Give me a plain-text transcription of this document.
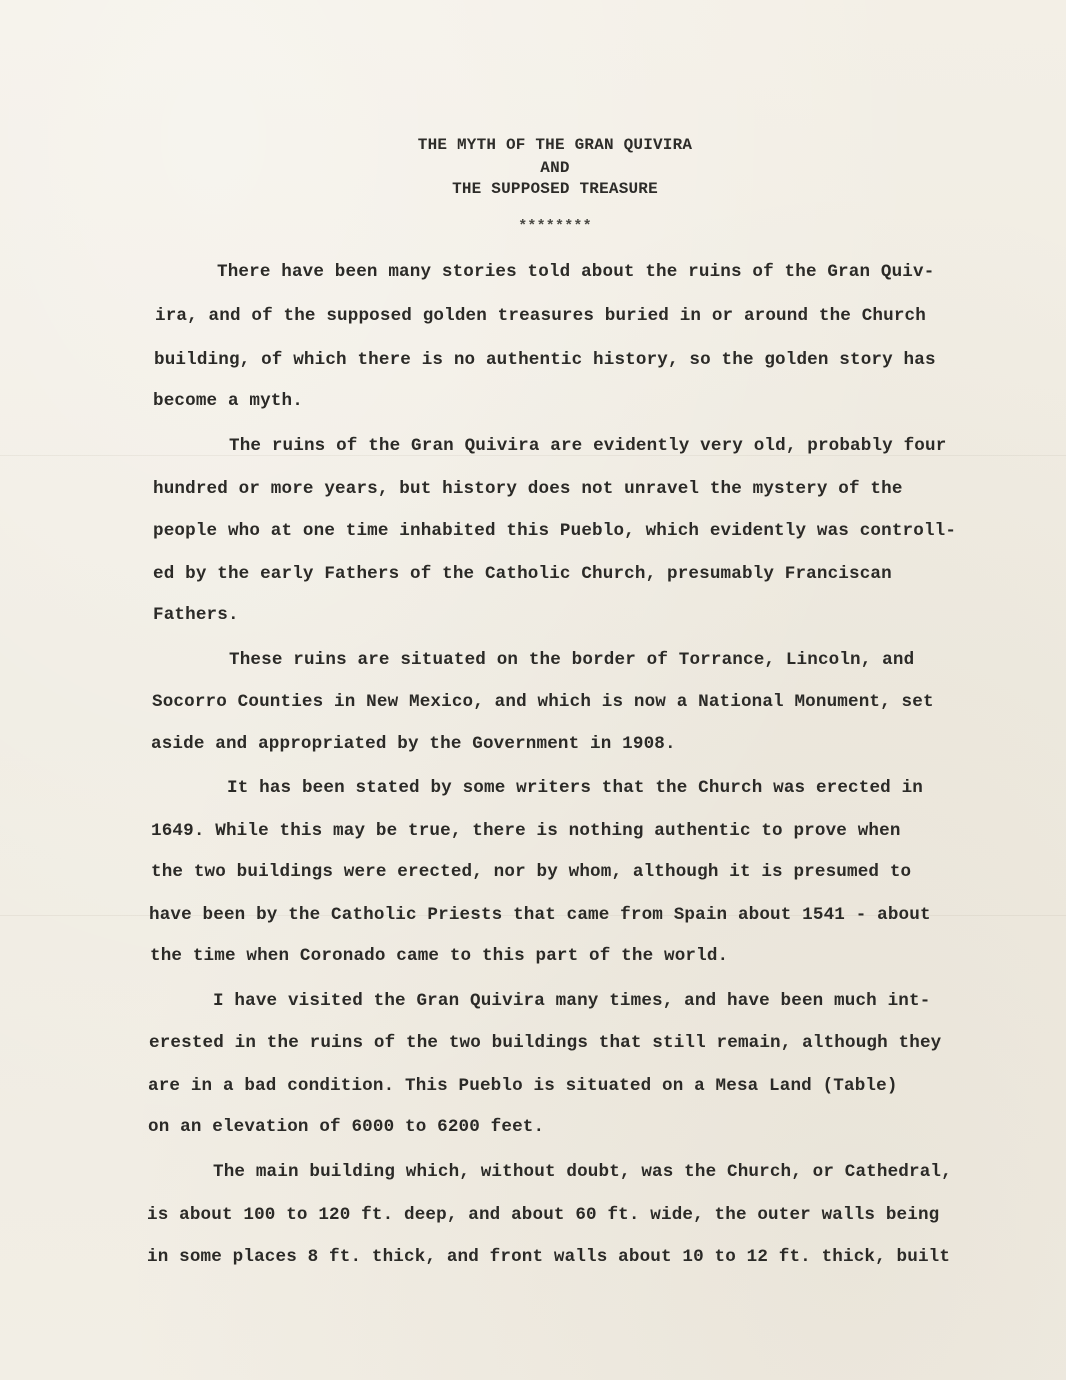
THE MYTH OF THE GRAN QUIVIRA
AND
THE SUPPOSED TREASURE
********
There have been many stories told about the ruins of the Gran Quiv-
ira, and of the supposed golden treasures buried in or around the Church
building, of which there is no authentic history, so the golden story has
become a myth.
The ruins of the Gran Quivira are evidently very old, probably four
hundred or more years, but history does not unravel the mystery of the
people who at one time inhabited this Pueblo, which evidently was controll-
ed by the early Fathers of the Catholic Church, presumably Franciscan
Fathers.
These ruins are situated on the border of Torrance, Lincoln, and
Socorro Counties in New Mexico, and which is now a National Monument, set
aside and appropriated by the Government in 1908.
It has been stated by some writers that the Church was erected in
1649. While this may be true, there is nothing authentic to prove when
the two buildings were erected, nor by whom, although it is presumed to
have been by the Catholic Priests that came from Spain about 1541 - about
the time when Coronado came to this part of the world.
I have visited the Gran Quivira many times, and have been much int-
erested in the ruins of the two buildings that still remain, although they
are in a bad condition. This Pueblo is situated on a Mesa Land (Table)
on an elevation of 6000 to 6200 feet.
The main building which, without doubt, was the Church, or Cathedral,
is about 100 to 120 ft. deep, and about 60 ft. wide, the outer walls being
in some places 8 ft. thick, and front walls about 10 to 12 ft. thick, built
